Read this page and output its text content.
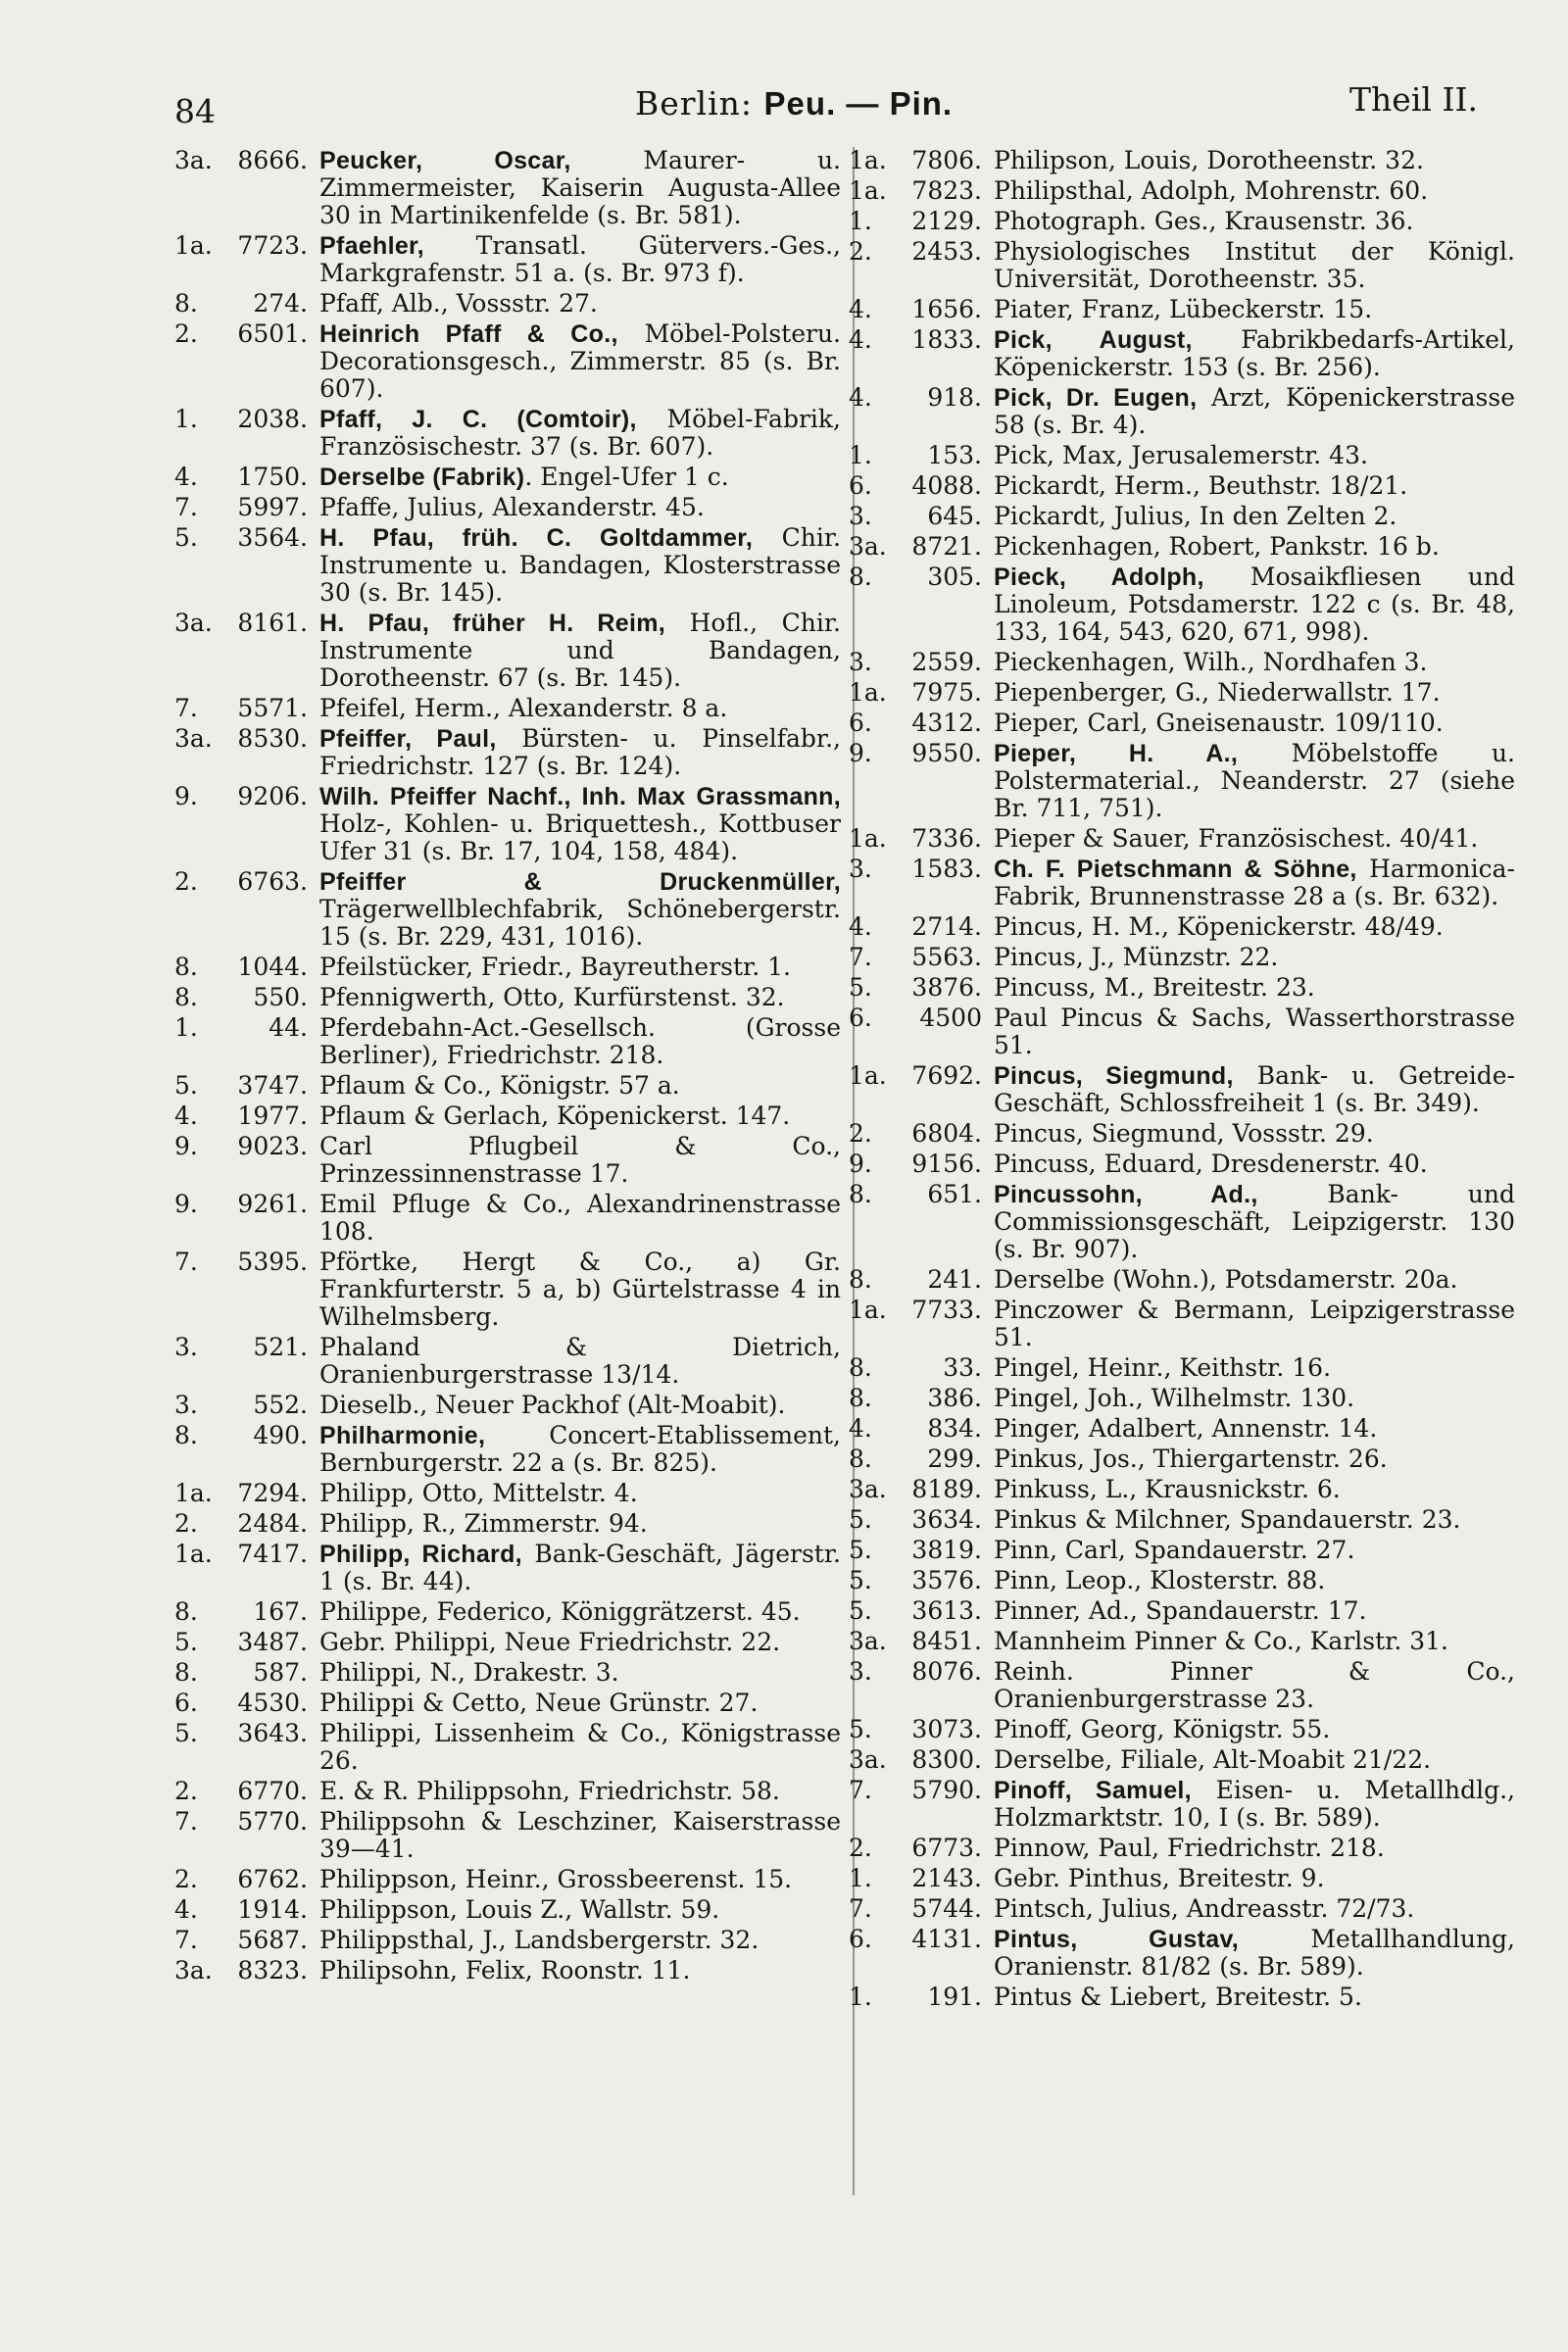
84	Berlin: Peu. — Pin.	Theil II.
3a.	8666. Peucker, Oscar, Maurer- u. Zimmermeister, Kaiserin Augusta-Allee 30 in Martinikenfelde (s. Br. 581).
1a.	7723. Pfaehler, Transatl. Gütervers.-Ges., Markgrafenstr. 51 a. (s. Br. 973 f).
8.	274. Pfaff, Alb., Vossstr. 27.
2.	6501. Heinrich Pfaff & Co., Möbel-Polsteru. Decorationsgesch., Zimmerstr. 85 (s. Br. 607).
1.	2038. Pfaff, J. C. (Comtoir), Möbel-Fabrik, Französischestr. 37 (s. Br. 607).
4.	1750. Derselbe (Fabrik). Engel-Ufer 1 c.
7.	5997. Pfaffe, Julius, Alexanderstr. 45.
5.	3564. H. Pfau, früh. C. Goltdammer, Chir. Instrumente u. Bandagen, Klosterstrasse 30 (s. Br. 145).
3a.	8161. H. Pfau, früher H. Reim, Hofl., Chir. Instrumente und Bandagen, Dorotheenstr. 67 (s. Br. 145).
7.	5571. Pfeifel, Herm., Alexanderstr. 8 a.
3a.	8530. Pfeiffer, Paul, Bürsten- u. Pinselfabr., Friedrichstr. 127 (s. Br. 124).
9.	9206. Wilh. Pfeiffer Nachf., Inh. Max Grassmann, Holz-, Kohlen- u. Briquettesh., Kottbuser Ufer 31 (s. Br. 17, 104, 158, 484).
2.	6763. Pfeiffer & Druckenmüller, Trägerwellblechfabrik, Schönebergerstr. 15 (s. Br. 229, 431, 1016).
8.	1044. Pfeilstücker, Friedr., Bayreutherstr. 1.
8.	550. Pfennigwerth, Otto, Kurfürstenst. 32.
1.	44. Pferdebahn-Act.-Gesellsch. (Grosse Berliner), Friedrichstr. 218.
5.	3747. Pflaum & Co., Königstr. 57 a.
4.	1977. Pflaum & Gerlach, Köpenickerst. 147.
9.	9023. Carl Pflugbeil & Co., Prinzessinnenstrasse 17.
9.	9261. Emil Pfluge & Co., Alexandrinenstrasse 108.
7.	5395. Pförtke, Hergt & Co., a) Gr. Frankfurterstr. 5 a, b) Gürtelstrasse 4 in Wilhelmsberg.
3.	521. Phaland & Dietrich, Oranienburgerstrasse 13/14.
3.	552. Dieselb., Neuer Packhof (Alt-Moabit).
8.	490. Philharmonie, Concert-Etablissement, Bernburgerstr. 22 a (s. Br. 825).
1a.	7294. Philipp, Otto, Mittelstr. 4.
2.	2484. Philipp, R., Zimmerstr. 94.
1a.	7417. Philipp, Richard, Bank-Geschäft, Jägerstr. 1 (s. Br. 44).
8.	167. Philippe, Federico, Königgrätzerst. 45.
5.	3487. Gebr. Philippi, Neue Friedrichstr. 22.
8.	587. Philippi, N., Drakestr. 3.
6.	4530. Philippi & Cetto, Neue Grünstr. 27.
5.	3643. Philippi, Lissenheim & Co., Königstrasse 26.
2.	6770. E. & R. Philippsohn, Friedrichstr. 58.
7.	5770. Philippsohn & Leschziner, Kaiserstrasse 39—41.
2.	6762. Philippson, Heinr., Grossbeerenst. 15.
4.	1914. Philippson, Louis Z., Wallstr. 59.
7.	5687. Philippsthal, J., Landsbergerstr. 32.
3a.	8323. Philipsohn, Felix, Roonstr. 11.
1a.	7806. Philipson, Louis, Dorotheenstr. 32.
1a.	7823. Philipsthal, Adolph, Mohrenstr. 60.
1.	2129. Photograph. Ges., Krausenstr. 36.
2.	2453. Physiologisches Institut der Königl. Universität, Dorotheenstr. 35.
4.	1656. Piater, Franz, Lübeckerstr. 15.
4.	1833. Pick, August, Fabrikbedarfs-Artikel, Köpenickerstr. 153 (s. Br. 256).
4.	918. Pick, Dr. Eugen, Arzt, Köpenickerstrasse 58 (s. Br. 4).
1.	153. Pick, Max, Jerusalemerstr. 43.
6.	4088. Pickardt, Herm., Beuthstr. 18/21.
3.	645. Pickardt, Julius, In den Zelten 2.
3a.	8721. Pickenhagen, Robert, Pankstr. 16 b.
8.	305. Pieck, Adolph, Mosaikfliesen und Linoleum, Potsdamerstr. 122 c (s. Br. 48, 133, 164, 543, 620, 671, 998).
3.	2559. Pieckenhagen, Wilh., Nordhafen 3.
1a.	7975. Piepenberger, G., Niederwallstr. 17.
6.	4312. Pieper, Carl, Gneisenaustr. 109/110.
9.	9550. Pieper, H. A., Möbelstoffe u. Polstermaterial., Neanderstr. 27 (siehe Br. 711, 751).
1a.	7336. Pieper & Sauer, Französischest. 40/41.
3.	1583. Ch. F. Pietschmann & Söhne, Harmonica-Fabrik, Brunnenstrasse 28 a (s. Br. 632).
4.	2714. Pincus, H. M., Köpenickerstr. 48/49.
7.	5563. Pincus, J., Münzstr. 22.
5.	3876. Pincuss, M., Breitestr. 23.
6.	4500 Paul Pincus & Sachs, Wasserthorstrasse 51.
1a.	7692. Pincus, Siegmund, Bank- u. Getreide-Geschäft, Schlossfreiheit 1 (s. Br. 349).
2.	6804. Pincus, Siegmund, Vossstr. 29.
9.	9156. Pincuss, Eduard, Dresdenerstr. 40.
8.	651. Pincussohn, Ad., Bank- und Commissionsgeschäft, Leipzigerstr. 130 (s. Br. 907).
8.	241. Derselbe (Wohn.), Potsdamerstr. 20a.
1a.	7733. Pinczower & Bermann, Leipzigerstrasse 51.
8.	33. Pingel, Heinr., Keithstr. 16.
8.	386. Pingel, Joh., Wilhelmstr. 130.
4.	834. Pinger, Adalbert, Annenstr. 14.
8.	299. Pinkus, Jos., Thiergartenstr. 26.
3a.	8189. Pinkuss, L., Krausnickstr. 6.
5.	3634. Pinkus & Milchner, Spandauerstr. 23.
5.	3819. Pinn, Carl, Spandauerstr. 27.
5.	3576. Pinn, Leop., Klosterstr. 88.
5.	3613. Pinner, Ad., Spandauerstr. 17.
3a.	8451. Mannheim Pinner & Co., Karlstr. 31.
3.	8076. Reinh. Pinner & Co., Oranienburgerstrasse 23.
5.	3073. Pinoff, Georg, Königstr. 55.
3a.	8300. Derselbe, Filiale, Alt-Moabit 21/22.
7.	5790. Pinoff, Samuel, Eisen- u. Metallhdlg., Holzmarktstr. 10, I (s. Br. 589).
2.	6773. Pinnow, Paul, Friedrichstr. 218.
1.	2143. Gebr. Pinthus, Breitestr. 9.
7.	5744. Pintsch, Julius, Andreasstr. 72/73.
6.	4131. Pintus, Gustav, Metallhandlung, Oranienstr. 81/82 (s. Br. 589).
1.	191. Pintus & Liebert, Breitestr. 5.
